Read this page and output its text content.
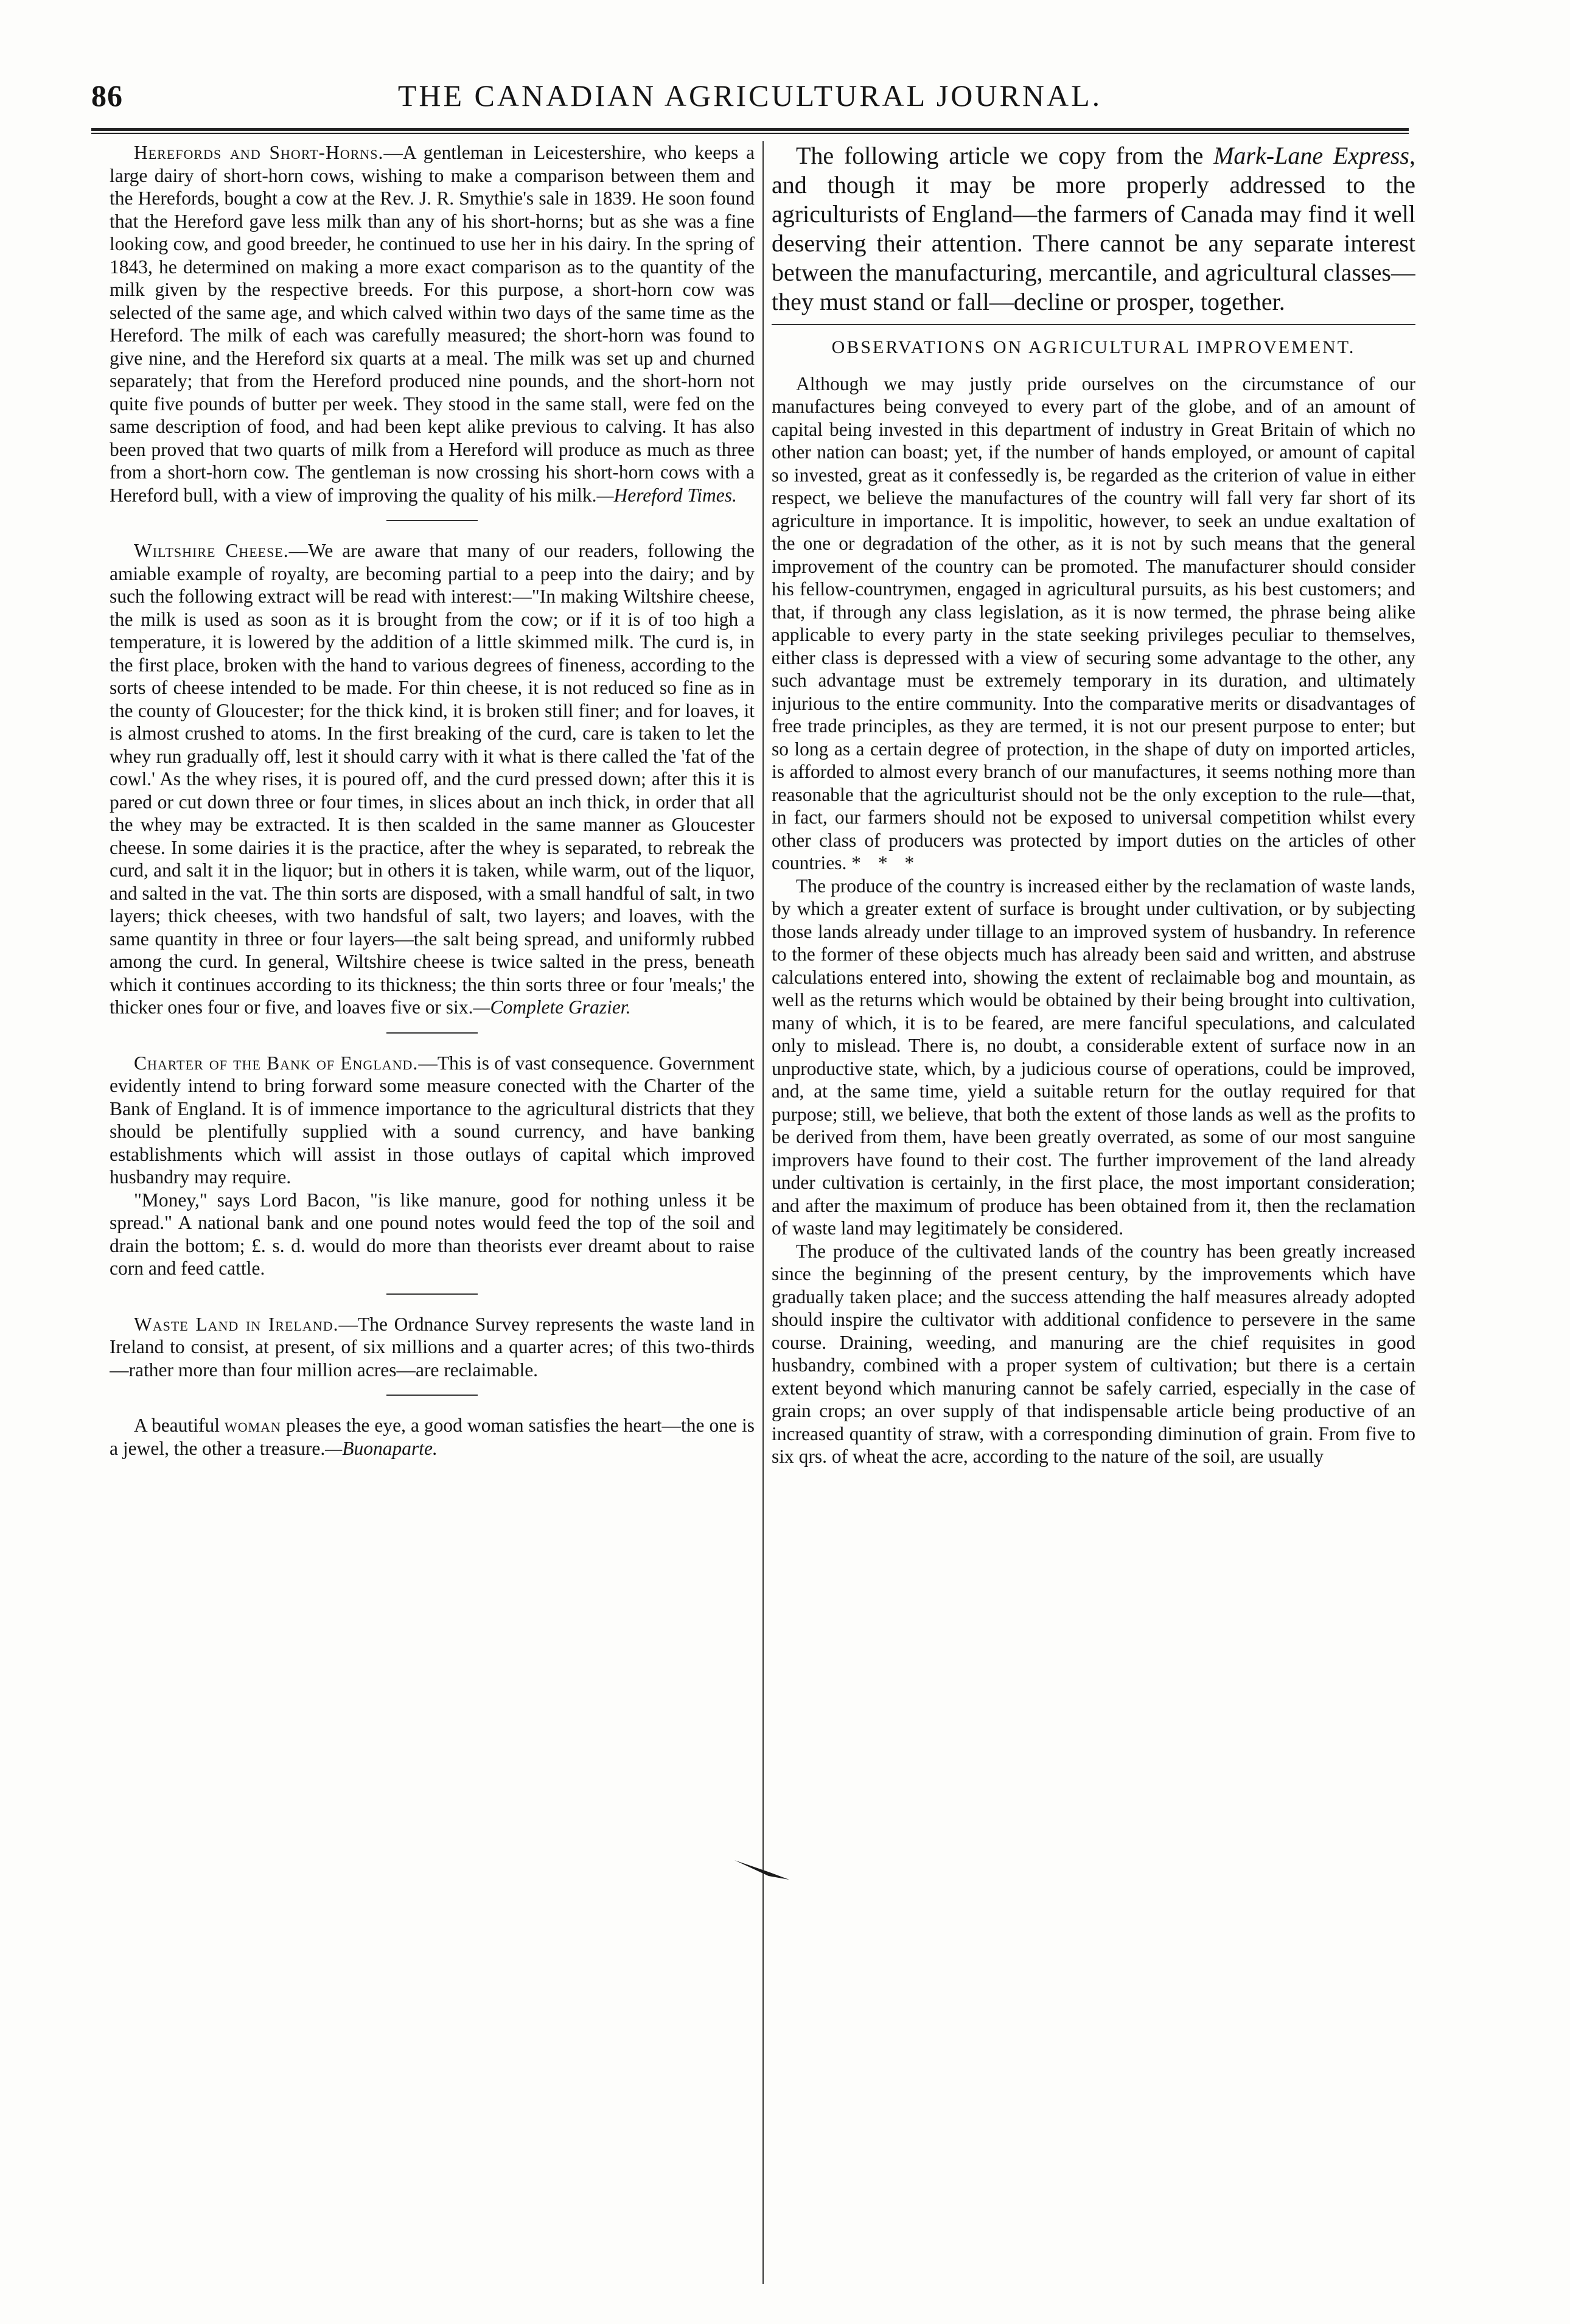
86	THE CANADIAN AGRICULTURAL JOURNAL.

Herefords and Short-Horns.—A gentleman in Leicestershire, who keeps a large dairy of short-horn cows, wishing to make a comparison between them and the Herefords, bought a cow at the Rev. J. R. Smythie's sale in 1839. He soon found that the Hereford gave less milk than any of his short-horns; but as she was a fine looking cow, and good breeder, he continued to use her in his dairy. In the spring of 1843, he determined on making a more exact comparison as to the quantity of the milk given by the respective breeds. For this purpose, a short-horn cow was selected of the same age, and which calved within two days of the same time as the Hereford. The milk of each was carefully measured; the short-horn was found to give nine, and the Hereford six quarts at a meal. The milk was set up and churned separately; that from the Hereford produced nine pounds, and the short-horn not quite five pounds of butter per week. They stood in the same stall, were fed on the same description of food, and had been kept alike previous to calving. It has also been proved that two quarts of milk from a Hereford will produce as much as three from a short-horn cow. The gentleman is now crossing his short-horn cows with a Hereford bull, with a view of improving the quality of his milk.—Hereford Times.

Wiltshire Cheese.—We are aware that many of our readers, following the amiable example of royalty, are becoming partial to a peep into the dairy; and by such the following extract will be read with interest:—"In making Wiltshire cheese, the milk is used as soon as it is brought from the cow; or if it is of too high a temperature, it is lowered by the addition of a little skimmed milk. The curd is, in the first place, broken with the hand to various degrees of fineness, according to the sorts of cheese intended to be made. For thin cheese, it is not reduced so fine as in the county of Gloucester; for the thick kind, it is broken still finer; and for loaves, it is almost crushed to atoms. In the first breaking of the curd, care is taken to let the whey run gradually off, lest it should carry with it what is there called the 'fat of the cowl.' As the whey rises, it is poured off, and the curd pressed down; after this it is pared or cut down three or four times, in slices about an inch thick, in order that all the whey may be extracted. It is then scalded in the same manner as Gloucester cheese. In some dairies it is the practice, after the whey is separated, to rebreak the curd, and salt it in the liquor; but in others it is taken, while warm, out of the liquor, and salted in the vat. The thin sorts are disposed, with a small handful of salt, in two layers; thick cheeses, with two handsful of salt, two layers; and loaves, with the same quantity in three or four layers—the salt being spread, and uniformly rubbed among the curd. In general, Wiltshire cheese is twice salted in the press, beneath which it continues according to its thickness; the thin sorts three or four 'meals;' the thicker ones four or five, and loaves five or six.—Complete Grazier.

Charter of the Bank of England.—This is of vast consequence. Government evidently intend to bring forward some measure conected with the Charter of the Bank of England. It is of immence importance to the agricultural districts that they should be plentifully supplied with a sound currency, and have banking establishments which will assist in those outlays of capital which improved husbandry may require.

"Money," says Lord Bacon, "is like manure, good for nothing unless it be spread." A national bank and one pound notes would feed the top of the soil and drain the bottom; £. s. d. would do more than theorists ever dreamt about to raise corn and feed cattle.

Waste Land in Ireland.—The Ordnance Survey represents the waste land in Ireland to consist, at present, of six millions and a quarter acres; of this two-thirds—rather more than four million acres—are reclaimable.

A beautiful woman pleases the eye, a good woman satisfies the heart—the one is a jewel, the other a treasure.—Buonaparte.

The following article we copy from the Mark-Lane Express, and though it may be more properly addressed to the agriculturists of England—the farmers of Canada may find it well deserving their attention. There cannot be any separate interest between the manufacturing, mercantile, and agricultural classes—they must stand or fall—decline or prosper, together.

OBSERVATIONS ON AGRICULTURAL IMPROVEMENT.

Although we may justly pride ourselves on the circumstance of our manufactures being conveyed to every part of the globe, and of an amount of capital being invested in this department of industry in Great Britain of which no other nation can boast; yet, if the number of hands employed, or amount of capital so invested, great as it confessedly is, be regarded as the criterion of value in either respect, we believe the manufactures of the country will fall very far short of its agriculture in importance. It is impolitic, however, to seek an undue exaltation of the one or degradation of the other, as it is not by such means that the general improvement of the country can be promoted. The manufacturer should consider his fellow-countrymen, engaged in agricultural pursuits, as his best customers; and that, if through any class legislation, as it is now termed, the phrase being alike applicable to every party in the state seeking privileges peculiar to themselves, either class is depressed with a view of securing some advantage to the other, any such advantage must be extremely temporary in its duration, and ultimately injurious to the entire community. Into the comparative merits or disadvantages of free trade principles, as they are termed, it is not our present purpose to enter; but so long as a certain degree of protection, in the shape of duty on imported articles, is afforded to almost every branch of our manufactures, it seems nothing more than reasonable that the agriculturist should not be the only exception to the rule—that, in fact, our farmers should not be exposed to universal competition whilst every other class of producers was protected by import duties on the articles of other countries. * * *

The produce of the country is increased either by the reclamation of waste lands, by which a greater extent of surface is brought under cultivation, or by subjecting those lands already under tillage to an improved system of husbandry. In reference to the former of these objects much has already been said and written, and abstruse calculations entered into, showing the extent of reclaimable bog and mountain, as well as the returns which would be obtained by their being brought into cultivation, many of which, it is to be feared, are mere fanciful speculations, and calculated only to mislead. There is, no doubt, a considerable extent of surface now in an unproductive state, which, by a judicious course of operations, could be improved, and, at the same time, yield a suitable return for the outlay required for that purpose; still, we believe, that both the extent of those lands as well as the profits to be derived from them, have been greatly overrated, as some of our most sanguine improvers have found to their cost. The further improvement of the land already under cultivation is certainly, in the first place, the most important consideration; and after the maximum of produce has been obtained from it, then the reclamation of waste land may legitimately be considered.

The produce of the cultivated lands of the country has been greatly increased since the beginning of the present century, by the improvements which have gradually taken place; and the success attending the half measures already adopted should inspire the cultivator with additional confidence to persevere in the same course. Draining, weeding, and manuring are the chief requisites in good husbandry, combined with a proper system of cultivation; but there is a certain extent beyond which manuring cannot be safely carried, especially in the case of grain crops; an over supply of that indispensable article being productive of an increased quantity of straw, with a corresponding diminution of grain. From five to six qrs. of wheat the acre, according to the nature of the soil, are usually
